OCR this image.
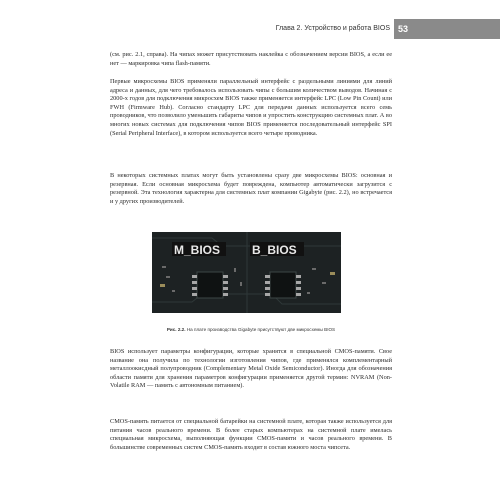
Глава 2. Устройство и работа BIOS 53

(см. рис. 2.1, справа). На чипах может присутствовать наклейка с обозначением версии BIOS, а если ее нет — маркировка чипа flash-памяти.

Первые микросхемы BIOS применяли параллельный интерфейс с раздельными линиями для линий адреса и данных, для чего требовалось использовать чипы с большим количеством выводов. Начиная с 2000-х годов для подключения микросхем BIOS также применяется интерфейс LPC (Low Pin Count) или FWH (Firmware Hub). Согласно стандарту LPC для передачи данных используется всего семь проводников, что позволило уменьшить габариты чипов и упростить конструкцию системных плат. А во многих новых системах для подключения чипов BIOS применяется последовательный интерфейс SPI (Serial Peripheral Interface), в котором используется всего четыре проводника.

В некоторых системных платах могут быть установлены сразу две микросхемы BIOS: основная и резервная. Если основная микросхема будет повреждена, компьютер автоматически загрузится с резервной. Эта технология характерна для системных плат компании Gigabyte (рис. 2.2), но встречается и у других производителей.

M_BIOS	B_BIOS
Рис. 2.2. На плате производства Gigabyte присутствуют две микросхемы BIOS

BIOS использует параметры конфигурации, которые хранятся в специальной CMOS-памяти. Свое название она получила по технологии изготовления чипов, где применялся комплементарный металлоокисдный полупроводник (Complementary Metal Oxide Semiconductor). Иногда для обозначения области памяти для хранения параметров конфигурации применяется другой термин: NVRAM (Non-Volatile RAM — память с автономным питанием).

CMOS-память питается от специальной батарейки на системной плате, которая также используется для питания часов реального времени. В более старых компьютерах на системной плате имелась специальная микросхема, выполняющая функции CMOS-памяти и часов реального времени. В большинстве современных систем CMOS-память входит в состав южного моста чипсета.
